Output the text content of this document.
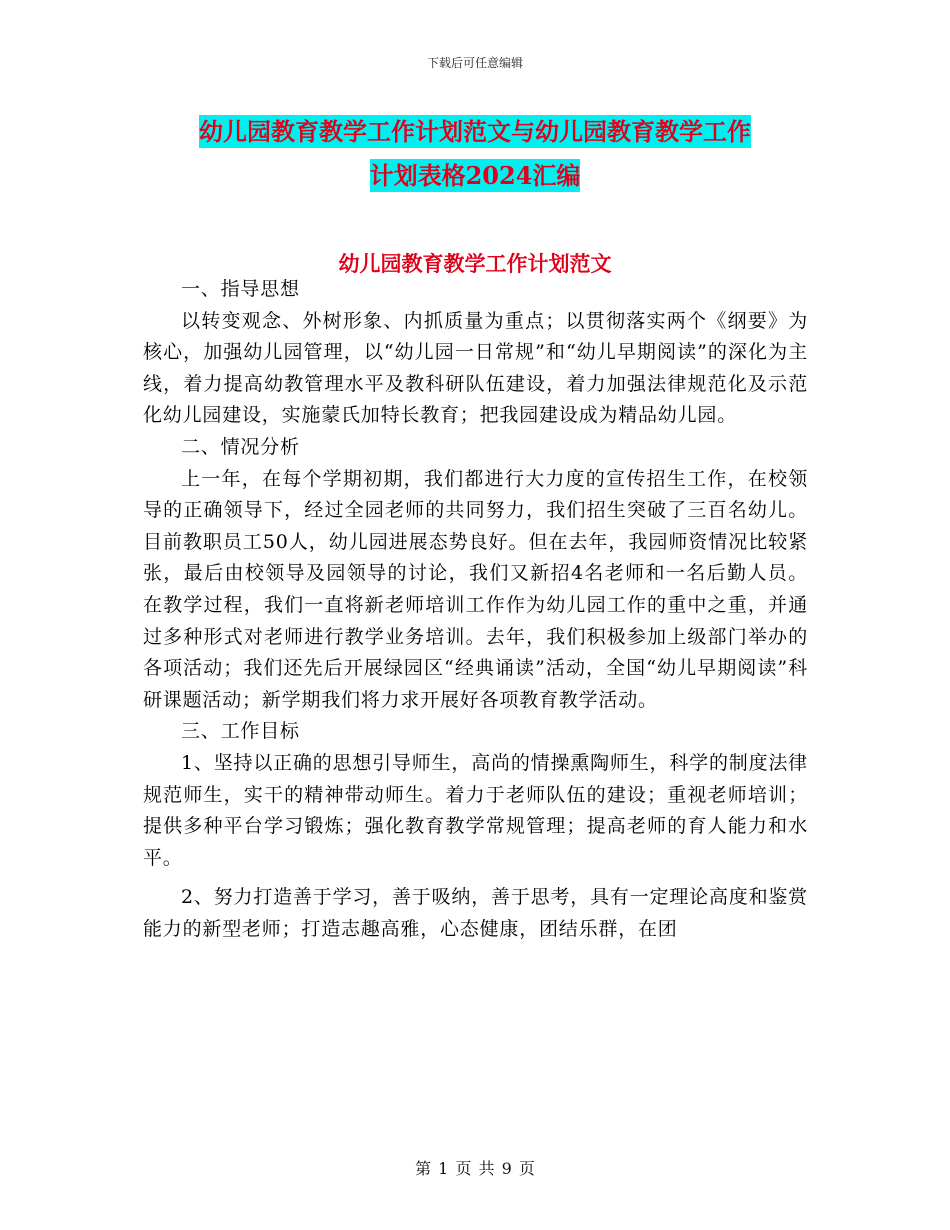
下载后可任意编辑
幼儿园教育教学工作计划范文与幼儿园教育教学工作
计划表格2024汇编
幼儿园教育教学工作计划范文

一、指导思想

以转变观念、外树形象、内抓质量为重点；以贯彻落实两个《纲要》为核心，加强幼儿园管理，以“幼儿园一日常规”和“幼儿早期阅读”的深化为主线，着力提高幼教管理水平及教科研队伍建设，着力加强法律规范化及示范化幼儿园建设，实施蒙氏加特长教育；把我园建设成为精品幼儿园。

二、情况分析

上一年，在每个学期初期，我们都进行大力度的宣传招生工作，在校领导的正确领导下，经过全园老师的共同努力，我们招生突破了三百名幼儿。目前教职员工50人，幼儿园进展态势良好。但在去年，我园师资情况比较紧张，最后由校领导及园领导的讨论，我们又新招4名老师和一名后勤人员。在教学过程，我们一直将新老师培训工作作为幼儿园工作的重中之重，并通过多种形式对老师进行教学业务培训。去年，我们积极参加上级部门举办的各项活动；我们还先后开展绿园区“经典诵读”活动，全国“幼儿早期阅读”科研课题活动；新学期我们将力求开展好各项教育教学活动。

三、工作目标

1、坚持以正确的思想引导师生，高尚的情操熏陶师生，科学的制度法律规范师生，实干的精神带动师生。着力于老师队伍的建设；重视老师培训；提供多种平台学习锻炼；强化教育教学常规管理；提高老师的育人能力和水平。

2、努力打造善于学习，善于吸纳，善于思考，具有一定理论高度和鉴赏能力的新型老师；打造志趣高雅，心态健康，团结乐群，在团

第 1 页 共 9 页
